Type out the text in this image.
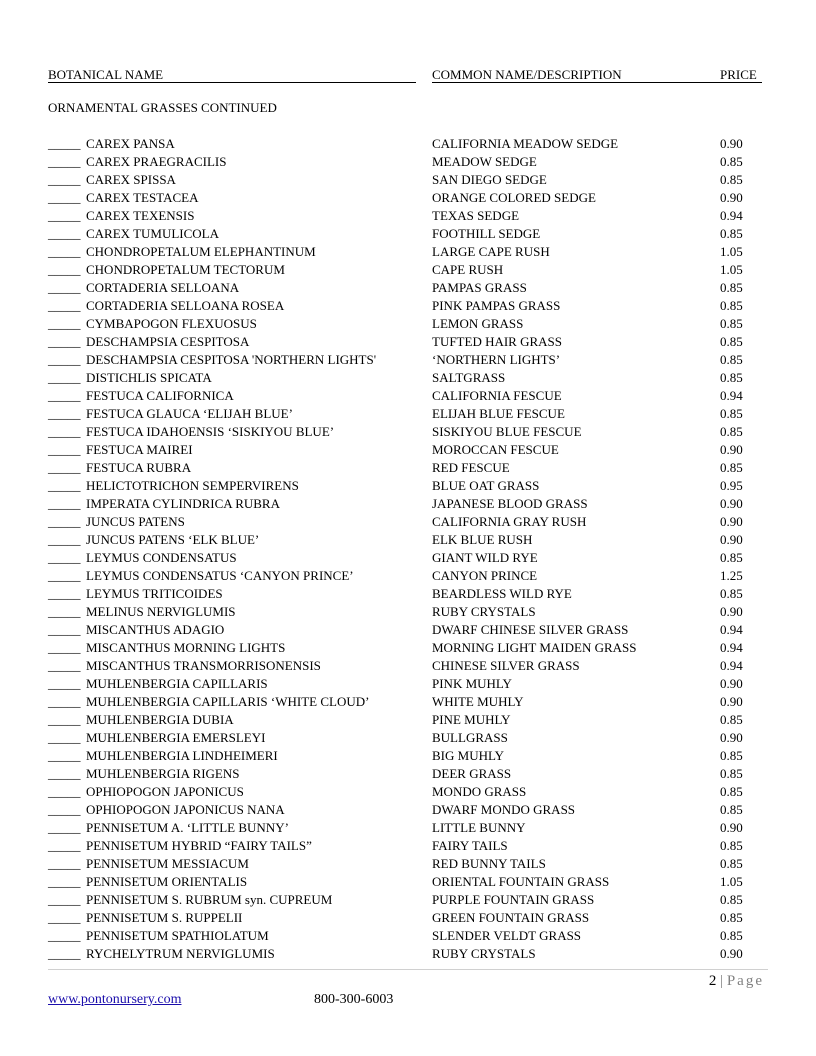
BOTANICAL NAME	COMMON NAME/DESCRIPTION	PRICE
ORNAMENTAL GRASSES CONTINUED
_____ CAREX PANSA	CALIFORNIA MEADOW SEDGE	0.90
_____ CAREX PRAEGRACILIS	MEADOW SEDGE	0.85
_____ CAREX SPISSA	SAN DIEGO SEDGE	0.85
_____ CAREX TESTACEA	ORANGE COLORED SEDGE	0.90
_____ CAREX TEXENSIS	TEXAS SEDGE	0.94
_____ CAREX TUMULICOLA	FOOTHILL SEDGE	0.85
_____ CHONDROPETALUM ELEPHANTINUM	LARGE CAPE RUSH	1.05
_____ CHONDROPETALUM TECTORUM	CAPE RUSH	1.05
_____ CORTADERIA SELLOANA	PAMPAS GRASS	0.85
_____ CORTADERIA SELLOANA ROSEA	PINK PAMPAS GRASS	0.85
_____ CYMBAPOGON FLEXUOSUS	LEMON GRASS	0.85
_____ DESCHAMPSIA CESPITOSA	TUFTED HAIR GRASS	0.85
_____ DESCHAMPSIA CESPITOSA 'NORTHERN LIGHTS'	‘NORTHERN LIGHTS’	0.85
_____ DISTICHLIS SPICATA	SALTGRASS	0.85
_____ FESTUCA CALIFORNICA	CALIFORNIA FESCUE	0.94
_____ FESTUCA GLAUCA ‘ELIJAH BLUE’	ELIJAH BLUE FESCUE	0.85
_____ FESTUCA IDAHOENSIS ‘SISKIYOU BLUE’	SISKIYOU BLUE FESCUE	0.85
_____ FESTUCA MAIREI	MOROCCAN FESCUE	0.90
_____ FESTUCA RUBRA	RED FESCUE	0.85
_____ HELICTOTRICHON SEMPERVIRENS	BLUE OAT GRASS	0.95
_____ IMPERATA CYLINDRICA RUBRA	JAPANESE BLOOD GRASS	0.90
_____ JUNCUS PATENS	CALIFORNIA GRAY RUSH	0.90
_____ JUNCUS PATENS ‘ELK BLUE’	ELK BLUE RUSH	0.90
_____ LEYMUS CONDENSATUS	GIANT WILD RYE	0.85
_____ LEYMUS CONDENSATUS ‘CANYON PRINCE’	CANYON PRINCE	1.25
_____ LEYMUS TRITICOIDES	BEARDLESS WILD RYE	0.85
_____ MELINUS NERVIGLUMIS	RUBY CRYSTALS	0.90
_____ MISCANTHUS ADAGIO	DWARF CHINESE SILVER GRASS	0.94
_____ MISCANTHUS MORNING LIGHTS	MORNING LIGHT MAIDEN GRASS	0.94
_____ MISCANTHUS TRANSMORRISONENSIS	CHINESE SILVER GRASS	0.94
_____ MUHLENBERGIA CAPILLARIS	PINK MUHLY	0.90
_____ MUHLENBERGIA CAPILLARIS ‘WHITE CLOUD’	WHITE MUHLY	0.90
_____ MUHLENBERGIA DUBIA	PINE MUHLY	0.85
_____ MUHLENBERGIA EMERSLEYI	BULLGRASS	0.90
_____ MUHLENBERGIA LINDHEIMERI	BIG MUHLY	0.85
_____ MUHLENBERGIA RIGENS	DEER GRASS	0.85
_____ OPHIOPOGON JAPONICUS	MONDO GRASS	0.85
_____ OPHIOPOGON JAPONICUS NANA	DWARF MONDO GRASS	0.85
_____ PENNISETUM A. ‘LITTLE BUNNY’	LITTLE BUNNY	0.90
_____ PENNISETUM HYBRID “FAIRY TAILS”	FAIRY TAILS	0.85
_____ PENNISETUM MESSIACUM	RED BUNNY TAILS	0.85
_____ PENNISETUM ORIENTALIS	ORIENTAL FOUNTAIN GRASS	1.05
_____ PENNISETUM S. RUBRUM syn. CUPREUM	PURPLE FOUNTAIN GRASS	0.85
_____ PENNISETUM S. RUPPELII	GREEN FOUNTAIN GRASS	0.85
_____ PENNISETUM SPATHIOLATUM	SLENDER VELDT GRASS	0.85
_____ RYCHELYTRUM NERVIGLUMIS	RUBY CRYSTALS	0.90
2 | Page
www.pontonursery.com	800-300-6003
